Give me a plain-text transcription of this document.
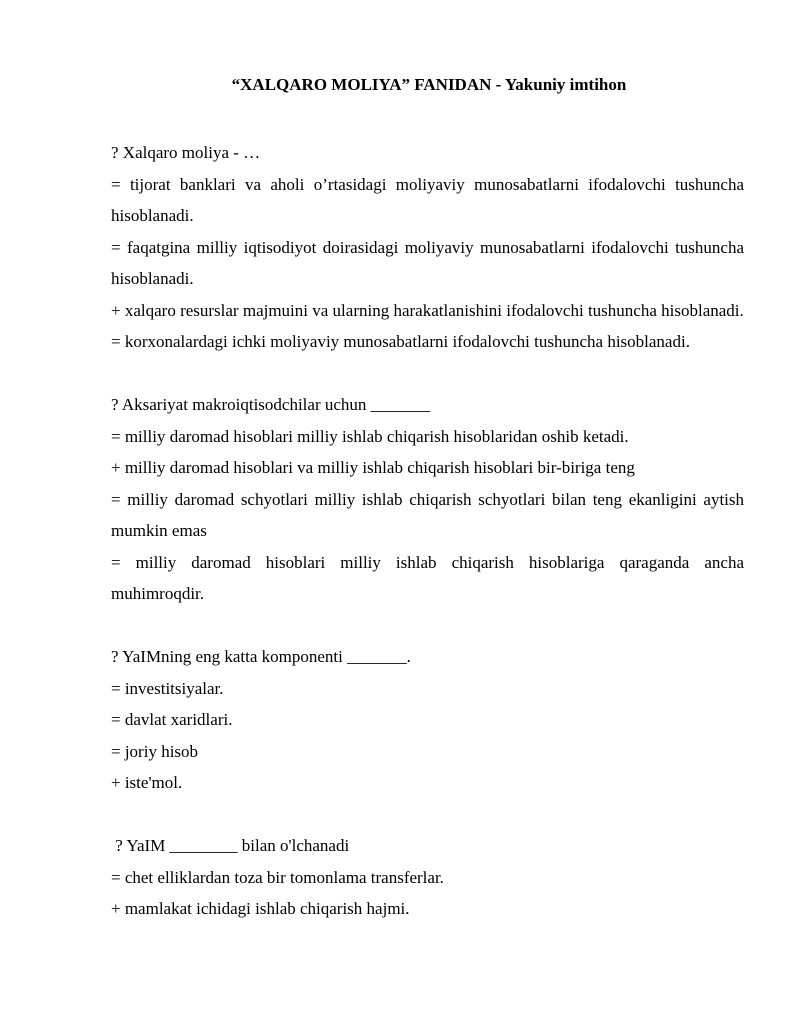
“XALQARO MOLIYA” FANIDAN - Yakuniy imtihon

? Xalqaro moliya - …

= tijorat banklari va aholi o’rtasidagi moliyaviy munosabatlarni ifodalovchi tushuncha hisoblanadi.

= faqatgina milliy iqtisodiyot doirasidagi moliyaviy munosabatlarni ifodalovchi tushuncha hisoblanadi.

+ xalqaro resurslar majmuini va ularning harakatlanishini ifodalovchi tushuncha hisoblanadi.

= korxonalardagi ichki moliyaviy munosabatlarni ifodalovchi tushuncha hisoblanadi.

? Aksariyat makroiqtisodchilar uchun _______

= milliy daromad hisoblari milliy ishlab chiqarish hisoblaridan oshib ketadi.

+ milliy daromad hisoblari va milliy ishlab chiqarish hisoblari bir-biriga teng

= milliy daromad schyotlari milliy ishlab chiqarish schyotlari bilan teng ekanligini aytish mumkin emas

= milliy daromad hisoblari milliy ishlab chiqarish hisoblariga qaraganda ancha muhimroqdir.

? YaIMning eng katta komponenti _______.

= investitsiyalar.

= davlat xaridlari.

= joriy hisob

+ iste'mol.

? YaIM ________ bilan o'lchanadi

= chet elliklardan toza bir tomonlama transferlar.

+ mamlakat ichidagi ishlab chiqarish hajmi.
